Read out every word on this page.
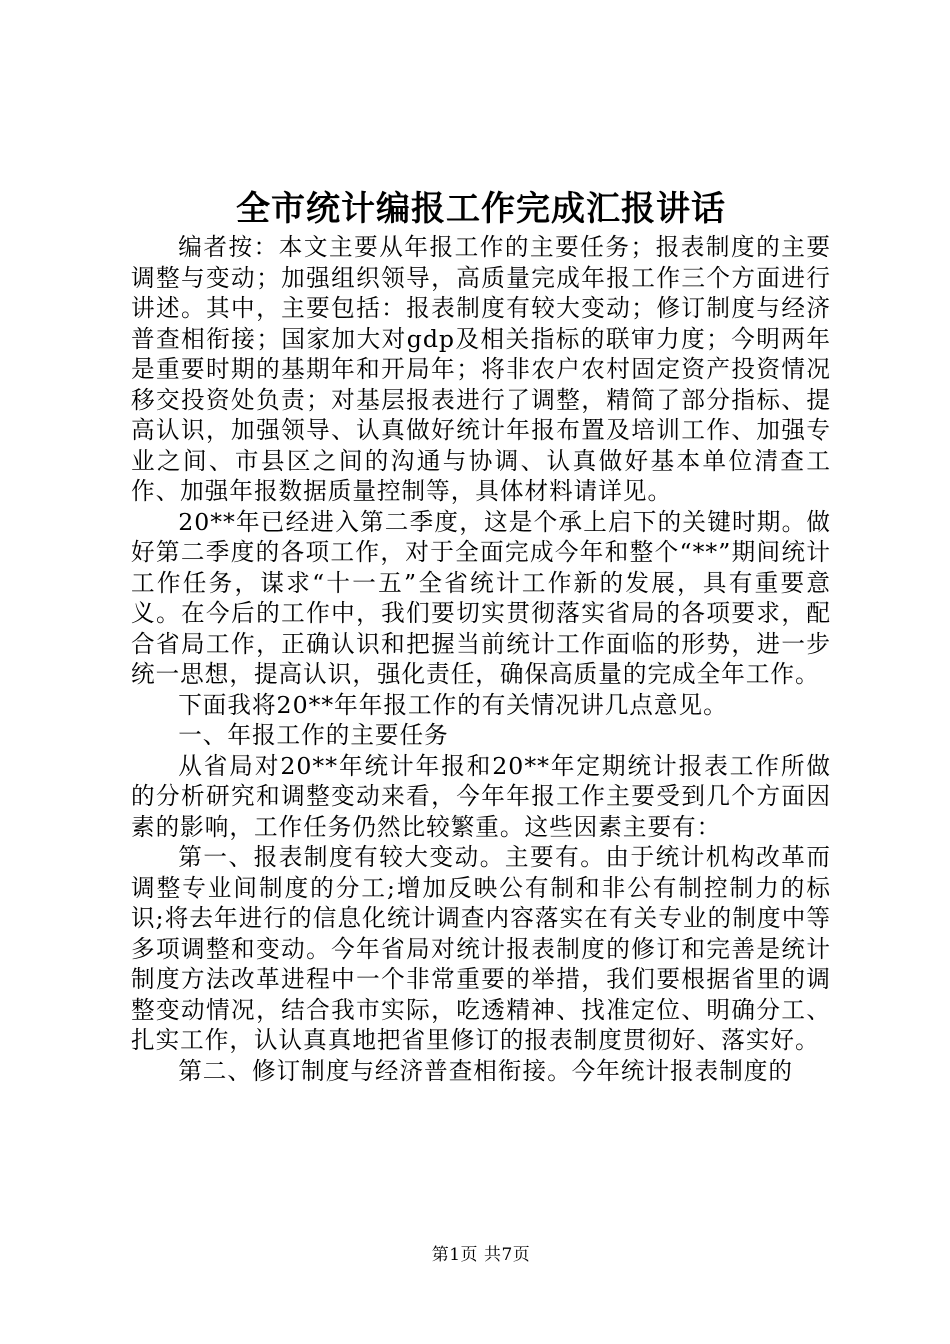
全市统计编报工作完成汇报讲话

编者按：本文主要从年报工作的主要任务；报表制度的主要调整与变动；加强组织领导，高质量完成年报工作三个方面进行讲述。其中，主要包括：报表制度有较大变动；修订制度与经济普查相衔接；国家加大对gdp及相关指标的联审力度；今明两年是重要时期的基期年和开局年；将非农户农村固定资产投资情况移交投资处负责；对基层报表进行了调整，精简了部分指标、提高认识，加强领导、认真做好统计年报布置及培训工作、加强专业之间、市县区之间的沟通与协调、认真做好基本单位清查工作、加强年报数据质量控制等，具体材料请详见。

20**年已经进入第二季度，这是个承上启下的关键时期。做好第二季度的各项工作，对于全面完成今年和整个“**”期间统计工作任务，谋求“十一五”全省统计工作新的发展，具有重要意义。在今后的工作中，我们要切实贯彻落实省局的各项要求，配合省局工作，正确认识和把握当前统计工作面临的形势，进一步统一思想，提高认识，强化责任，确保高质量的完成全年工作。

下面我将20**年年报工作的有关情况讲几点意见。

一、年报工作的主要任务

从省局对20**年统计年报和20**年定期统计报表工作所做的分析研究和调整变动来看，今年年报工作主要受到几个方面因素的影响，工作任务仍然比较繁重。这些因素主要有：

第一、报表制度有较大变动。主要有。由于统计机构改革而调整专业间制度的分工;增加反映公有制和非公有制控制力的标识;将去年进行的信息化统计调查内容落实在有关专业的制度中等多项调整和变动。今年省局对统计报表制度的修订和完善是统计制度方法改革进程中一个非常重要的举措，我们要根据省里的调整变动情况，结合我市实际，吃透精神、找准定位、明确分工、扎实工作，认认真真地把省里修订的报表制度贯彻好、落实好。

第二、修订制度与经济普查相衔接。今年统计报表制度的

第1页 共7页
